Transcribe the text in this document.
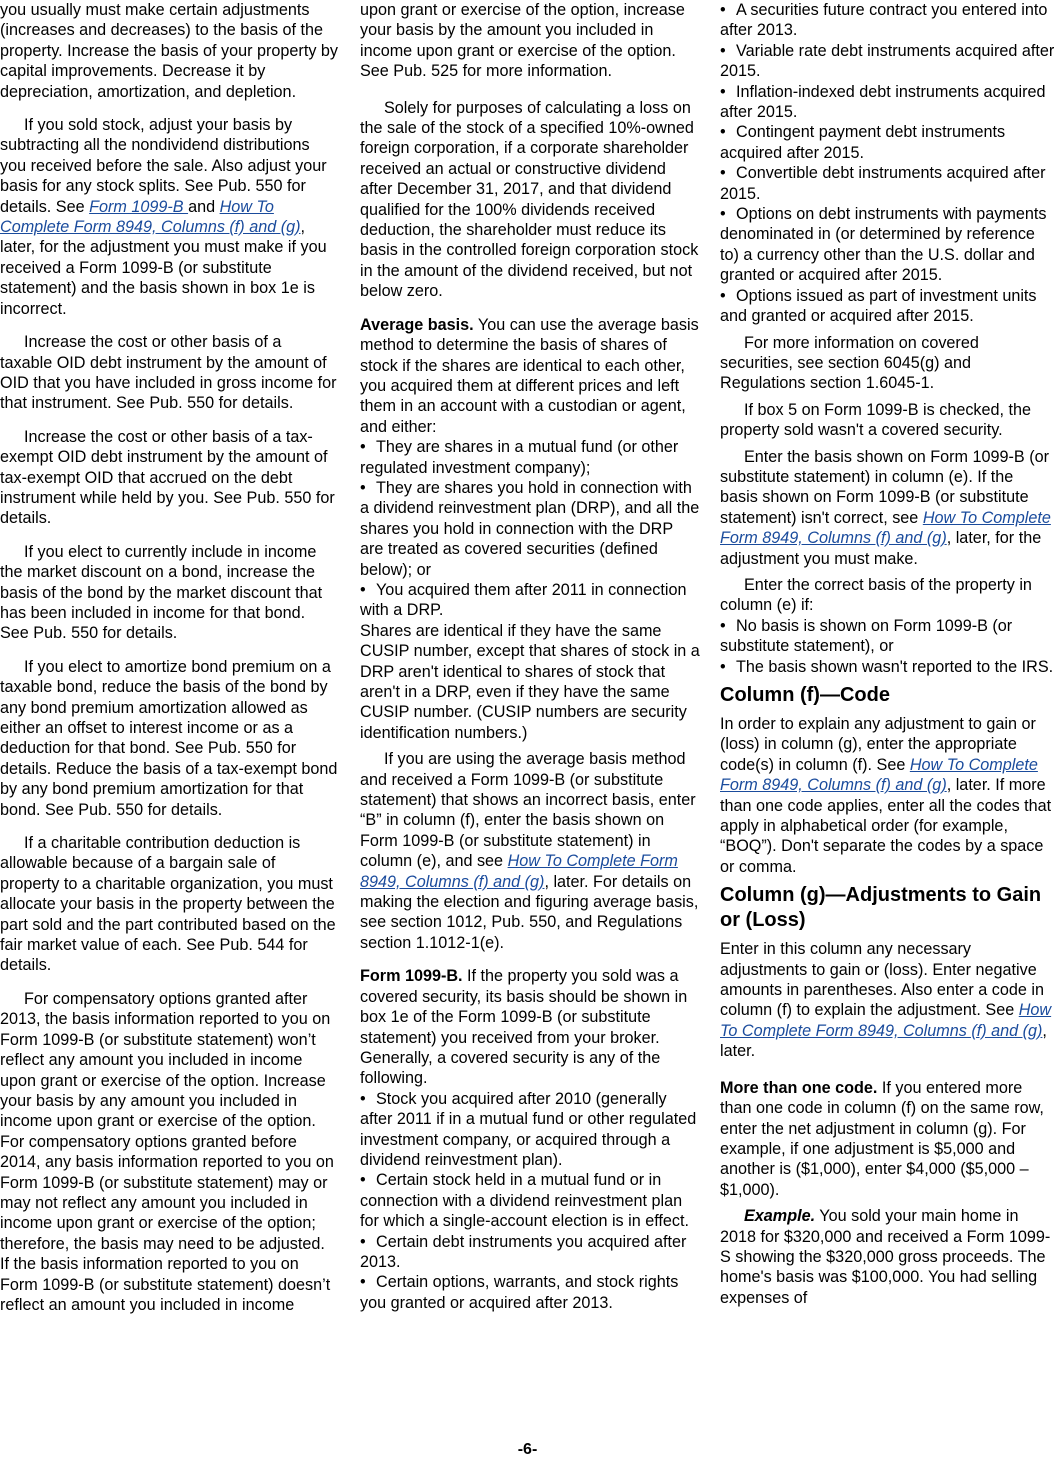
you usually must make certain adjustments (increases and decreases) to the basis of the property. Increase the basis of your property by capital improvements. Decrease it by depreciation, amortization, and depletion.

If you sold stock, adjust your basis by subtracting all the nondividend distributions you received before the sale. Also adjust your basis for any stock splits. See Pub. 550 for details. See Form 1099-B and How To Complete Form 8949, Columns (f) and (g), later, for the adjustment you must make if you received a Form 1099-B (or substitute statement) and the basis shown in box 1e is incorrect.

Increase the cost or other basis of a taxable OID debt instrument by the amount of OID that you have included in gross income for that instrument. See Pub. 550 for details.

Increase the cost or other basis of a tax-exempt OID debt instrument by the amount of tax-exempt OID that accrued on the debt instrument while held by you. See Pub. 550 for details.

If you elect to currently include in income the market discount on a bond, increase the basis of the bond by the market discount that has been included in income for that bond. See Pub. 550 for details.

If you elect to amortize bond premium on a taxable bond, reduce the basis of the bond by any bond premium amortization allowed as either an offset to interest income or as a deduction for that bond. See Pub. 550 for details. Reduce the basis of a tax-exempt bond by any bond premium amortization for that bond. See Pub. 550 for details.

If a charitable contribution deduction is allowable because of a bargain sale of property to a charitable organization, you must allocate your basis in the property between the part sold and the part contributed based on the fair market value of each. See Pub. 544 for details.

For compensatory options granted after 2013, the basis information reported to you on Form 1099-B (or substitute statement) won’t reflect any amount you included in income upon grant or exercise of the option. Increase your basis by any amount you included in income upon grant or exercise of the option. For compensatory options granted before 2014, any basis information reported to you on Form 1099-B (or substitute statement) may or may not reflect any amount you included in income upon grant or exercise of the option; therefore, the basis may need to be adjusted. If the basis information reported to you on Form 1099-B (or substitute statement) doesn’t reflect an amount you included in income

upon grant or exercise of the option, increase your basis by the amount you included in income upon grant or exercise of the option. See Pub. 525 for more information.

Solely for purposes of calculating a loss on the sale of the stock of a specified 10%-owned foreign corporation, if a corporate shareholder received an actual or constructive dividend after December 31, 2017, and that dividend qualified for the 100% dividends received deduction, the shareholder must reduce its basis in the controlled foreign corporation stock in the amount of the dividend received, but not below zero.

Average basis. You can use the average basis method to determine the basis of shares of stock if the shares are identical to each other, you acquired them at different prices and left them in an account with a custodian or agent, and either:

• They are shares in a mutual fund (or other regulated investment company);

• They are shares you hold in connection with a dividend reinvestment plan (DRP), and all the shares you hold in connection with the DRP are treated as covered securities (defined below); or

• You acquired them after 2011 in connection with a DRP.

Shares are identical if they have the same CUSIP number, except that shares of stock in a DRP aren't identical to shares of stock that aren't in a DRP, even if they have the same CUSIP number. (CUSIP numbers are security identification numbers.)

If you are using the average basis method and received a Form 1099-B (or substitute statement) that shows an incorrect basis, enter “B” in column (f), enter the basis shown on Form 1099-B (or substitute statement) in column (e), and see How To Complete Form 8949, Columns (f) and (g), later. For details on making the election and figuring average basis, see section 1012, Pub. 550, and Regulations section 1.1012-1(e).

Form 1099-B. If the property you sold was a covered security, its basis should be shown in box 1e of the Form 1099-B (or substitute statement) you received from your broker. Generally, a covered security is any of the following.

• Stock you acquired after 2010 (generally after 2011 if in a mutual fund or other regulated investment company, or acquired through a dividend reinvestment plan).

• Certain stock held in a mutual fund or in connection with a dividend reinvestment plan for which a single-account election is in effect.

• Certain debt instruments you acquired after 2013.

• Certain options, warrants, and stock rights you granted or acquired after 2013.

• A securities future contract you entered into after 2013.

• Variable rate debt instruments acquired after 2015.

• Inflation-indexed debt instruments acquired after 2015.

• Contingent payment debt instruments acquired after 2015.

• Convertible debt instruments acquired after 2015.

• Options on debt instruments with payments denominated in (or determined by reference to) a currency other than the U.S. dollar and granted or acquired after 2015.

• Options issued as part of investment units and granted or acquired after 2015.

For more information on covered securities, see section 6045(g) and Regulations section 1.6045-1.

If box 5 on Form 1099-B is checked, the property sold wasn't a covered security.

Enter the basis shown on Form 1099-B (or substitute statement) in column (e). If the basis shown on Form 1099-B (or substitute statement) isn't correct, see How To Complete Form 8949, Columns (f) and (g), later, for the adjustment you must make.

Enter the correct basis of the property in column (e) if:

• No basis is shown on Form 1099-B (or substitute statement), or

• The basis shown wasn't reported to the IRS.

Column (f)—Code

In order to explain any adjustment to gain or (loss) in column (g), enter the appropriate code(s) in column (f). See How To Complete Form 8949, Columns (f) and (g), later. If more than one code applies, enter all the codes that apply in alphabetical order (for example, “BOQ”). Don't separate the codes by a space or comma.

Column (g)—Adjustments to Gain or (Loss)

Enter in this column any necessary adjustments to gain or (loss). Enter negative amounts in parentheses. Also enter a code in column (f) to explain the adjustment. See How To Complete Form 8949, Columns (f) and (g), later.

More than one code. If you entered more than one code in column (f) on the same row, enter the net adjustment in column (g). For example, if one adjustment is $5,000 and another is ($1,000), enter $4,000 ($5,000 – $1,000).

Example. You sold your main home in 2018 for $320,000 and received a Form 1099-S showing the $320,000 gross proceeds. The home's basis was $100,000. You had selling expenses of

-6-
